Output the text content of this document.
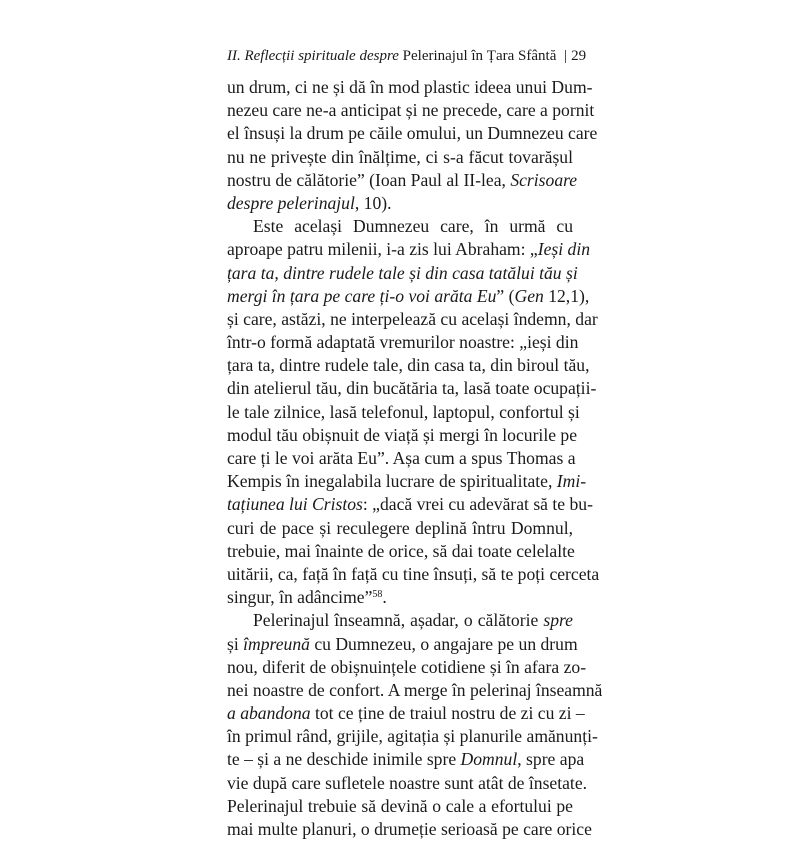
II. Reflecții spirituale despre Pelerinajul în Țara Sfântă | 29
un drum, ci ne și dă în mod plastic ideea unui Dum-
nezeu care ne-a anticipat și ne precede, care a pornit
el însuși la drum pe căile omului, un Dumnezeu care
nu ne privește din înălțime, ci s-a făcut tovarășul
nostru de călătorie” (Ioan Paul al II-lea, Scrisoare
despre pelerinajul, 10).
Este același Dumnezeu care, în urmă cu
aproape patru milenii, i-a zis lui Abraham: „Ieși din
țara ta, dintre rudele tale și din casa tatălui tău și
mergi în țara pe care ți-o voi arăta Eu” (Gen 12,1),
și care, astăzi, ne interpelează cu același îndemn, dar
într-o formă adaptată vremurilor noastre: „ieși din
țara ta, dintre rudele tale, din casa ta, din biroul tău,
din atelierul tău, din bucătăria ta, lasă toate ocupații-
le tale zilnice, lasă telefonul, laptopul, confortul și
modul tău obișnuit de viață și mergi în locurile pe
care ți le voi arăta Eu”. Așa cum a spus Thomas a
Kempis în inegalabila lucrare de spiritualitate, Imi-
tațiunea lui Cristos: „dacă vrei cu adevărat să te bu-
curi de pace și reculegere deplină întru Domnul,
trebuie, mai înainte de orice, să dai toate celelalte
uitării, ca, față în față cu tine însuți, să te poți cerceta
singur, în adâncime”$^{58}$.
Pelerinajul înseamnă, așadar, o călătorie spre
și împreună cu Dumnezeu, o angajare pe un drum
nou, diferit de obișnuințele cotidiene și în afara zo-
nei noastre de confort. A merge în pelerinaj înseamnă
a abandona tot ce ține de traiul nostru de zi cu zi –
în primul rând, grijile, agitația și planurile amănunți-
te – și a ne deschide inimile spre Domnul, spre apa
vie după care sufletele noastre sunt atât de însetate.
Pelerinajul trebuie să devină o cale a efortului pe
mai multe planuri, o drumeție serioasă pe care orice
